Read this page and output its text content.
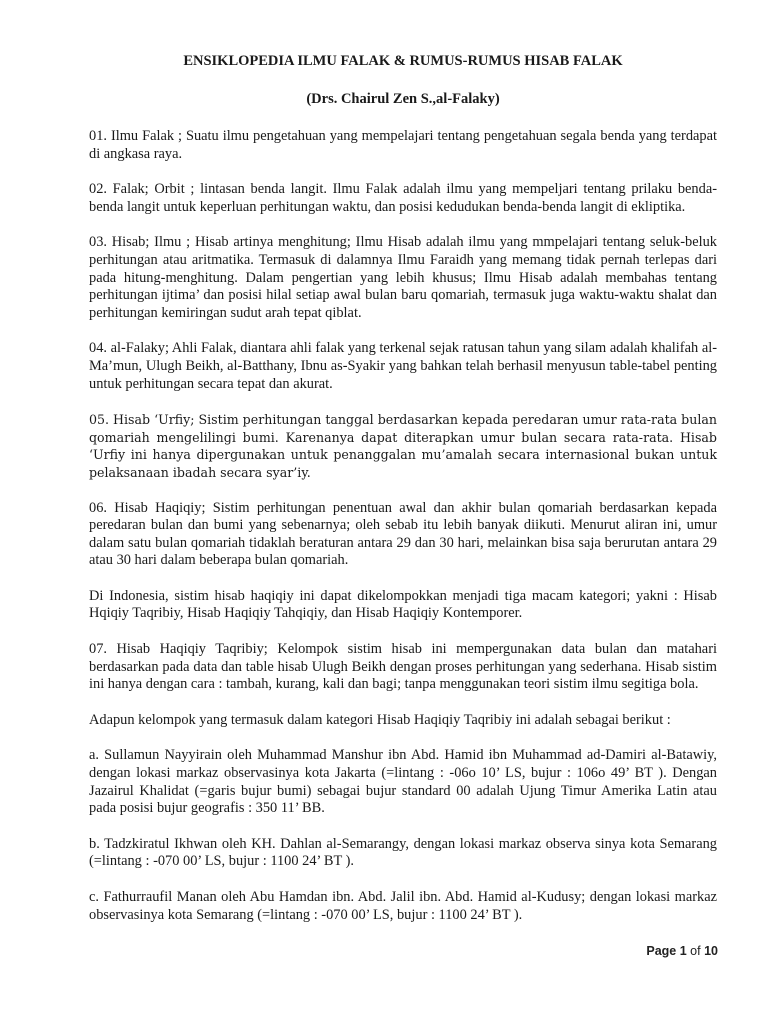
ENSIKLOPEDIA ILMU FALAK & RUMUS-RUMUS HISAB FALAK
(Drs. Chairul Zen S.,al-Falaky)

01. Ilmu Falak ; Suatu ilmu pengetahuan yang mempelajari tentang pengetahuan segala benda yang terdapat di angkasa raya.

02. Falak; Orbit ; lintasan benda langit. Ilmu Falak adalah ilmu yang mempeljari tentang prilaku benda-benda langit untuk keperluan perhitungan waktu, dan posisi kedudukan benda-benda langit di ekliptika.

03. Hisab; Ilmu ; Hisab artinya menghitung; Ilmu Hisab adalah ilmu yang mmpelajari tentang seluk-beluk perhitungan atau aritmatika. Termasuk di dalamnya Ilmu Faraidh yang memang tidak pernah terlepas dari pada hitung-menghitung. Dalam pengertian yang lebih khusus; Ilmu Hisab adalah membahas tentang perhitungan ijtima’ dan posisi hilal setiap awal bulan baru qomariah, termasuk juga waktu-waktu shalat dan perhitungan kemiringan sudut arah tepat qiblat.

04. al-Falaky; Ahli Falak, diantara ahli falak yang terkenal sejak ratusan tahun yang silam adalah khalifah al-Ma’mun, Ulugh Beikh, al-Batthany, Ibnu as-Syakir yang bahkan telah berhasil menyusun table-tabel penting untuk perhitungan secara tepat dan akurat.

05. Hisab ‘Urfiy; Sistim perhitungan tanggal berdasarkan kepada peredaran umur rata-rata bulan qomariah mengelilingi bumi. Karenanya dapat diterapkan umur bulan secara rata-rata. Hisab ‘Urfiy ini hanya dipergunakan untuk penanggalan mu’amalah secara internasional bukan untuk pelaksanaan ibadah secara syar’iy.

06. Hisab Haqiqiy; Sistim perhitungan penentuan awal dan akhir bulan qomariah berdasarkan kepada peredaran bulan dan bumi yang sebenarnya; oleh sebab itu lebih banyak diikuti. Menurut aliran ini, umur dalam satu bulan qomariah tidaklah beraturan antara 29 dan 30 hari, melainkan bisa saja berurutan antara 29 atau 30 hari dalam beberapa bulan qomariah.

Di Indonesia, sistim hisab haqiqiy ini dapat dikelompokkan menjadi tiga macam kategori; yakni : Hisab Hqiqiy Taqribiy, Hisab Haqiqiy Tahqiqiy, dan Hisab Haqiqiy Kontemporer.

07. Hisab Haqiqiy Taqribiy; Kelompok sistim hisab ini mempergunakan data bulan dan matahari berdasarkan pada data dan table hisab Ulugh Beikh dengan proses perhitungan yang sederhana. Hisab sistim ini hanya dengan cara : tambah, kurang, kali dan bagi; tanpa menggunakan teori sistim ilmu segitiga bola.

Adapun kelompok yang termasuk dalam kategori Hisab Haqiqiy Taqribiy ini adalah sebagai berikut :

a. Sullamun Nayyirain oleh Muhammad Manshur ibn Abd. Hamid ibn Muhammad ad-Damiri al-Batawiy, dengan lokasi markaz observasinya kota Jakarta (=lintang : -06o 10’ LS, bujur : 106o 49’ BT ). Dengan Jazairul Khalidat (=garis bujur bumi) sebagai bujur standard 00 adalah Ujung Timur Amerika Latin atau pada posisi bujur geografis : 350 11’ BB.

b. Tadzkiratul Ikhwan oleh KH. Dahlan al-Semarangy, dengan lokasi markaz observa sinya kota Semarang (=lintang : -070 00’ LS, bujur : 1100 24’ BT ).

c. Fathurraufil Manan oleh Abu Hamdan ibn. Abd. Jalil ibn. Abd. Hamid al-Kudusy; dengan lokasi markaz observasinya kota Semarang (=lintang : -070 00’ LS, bujur : 1100 24’ BT ).

Page 1 of 10
